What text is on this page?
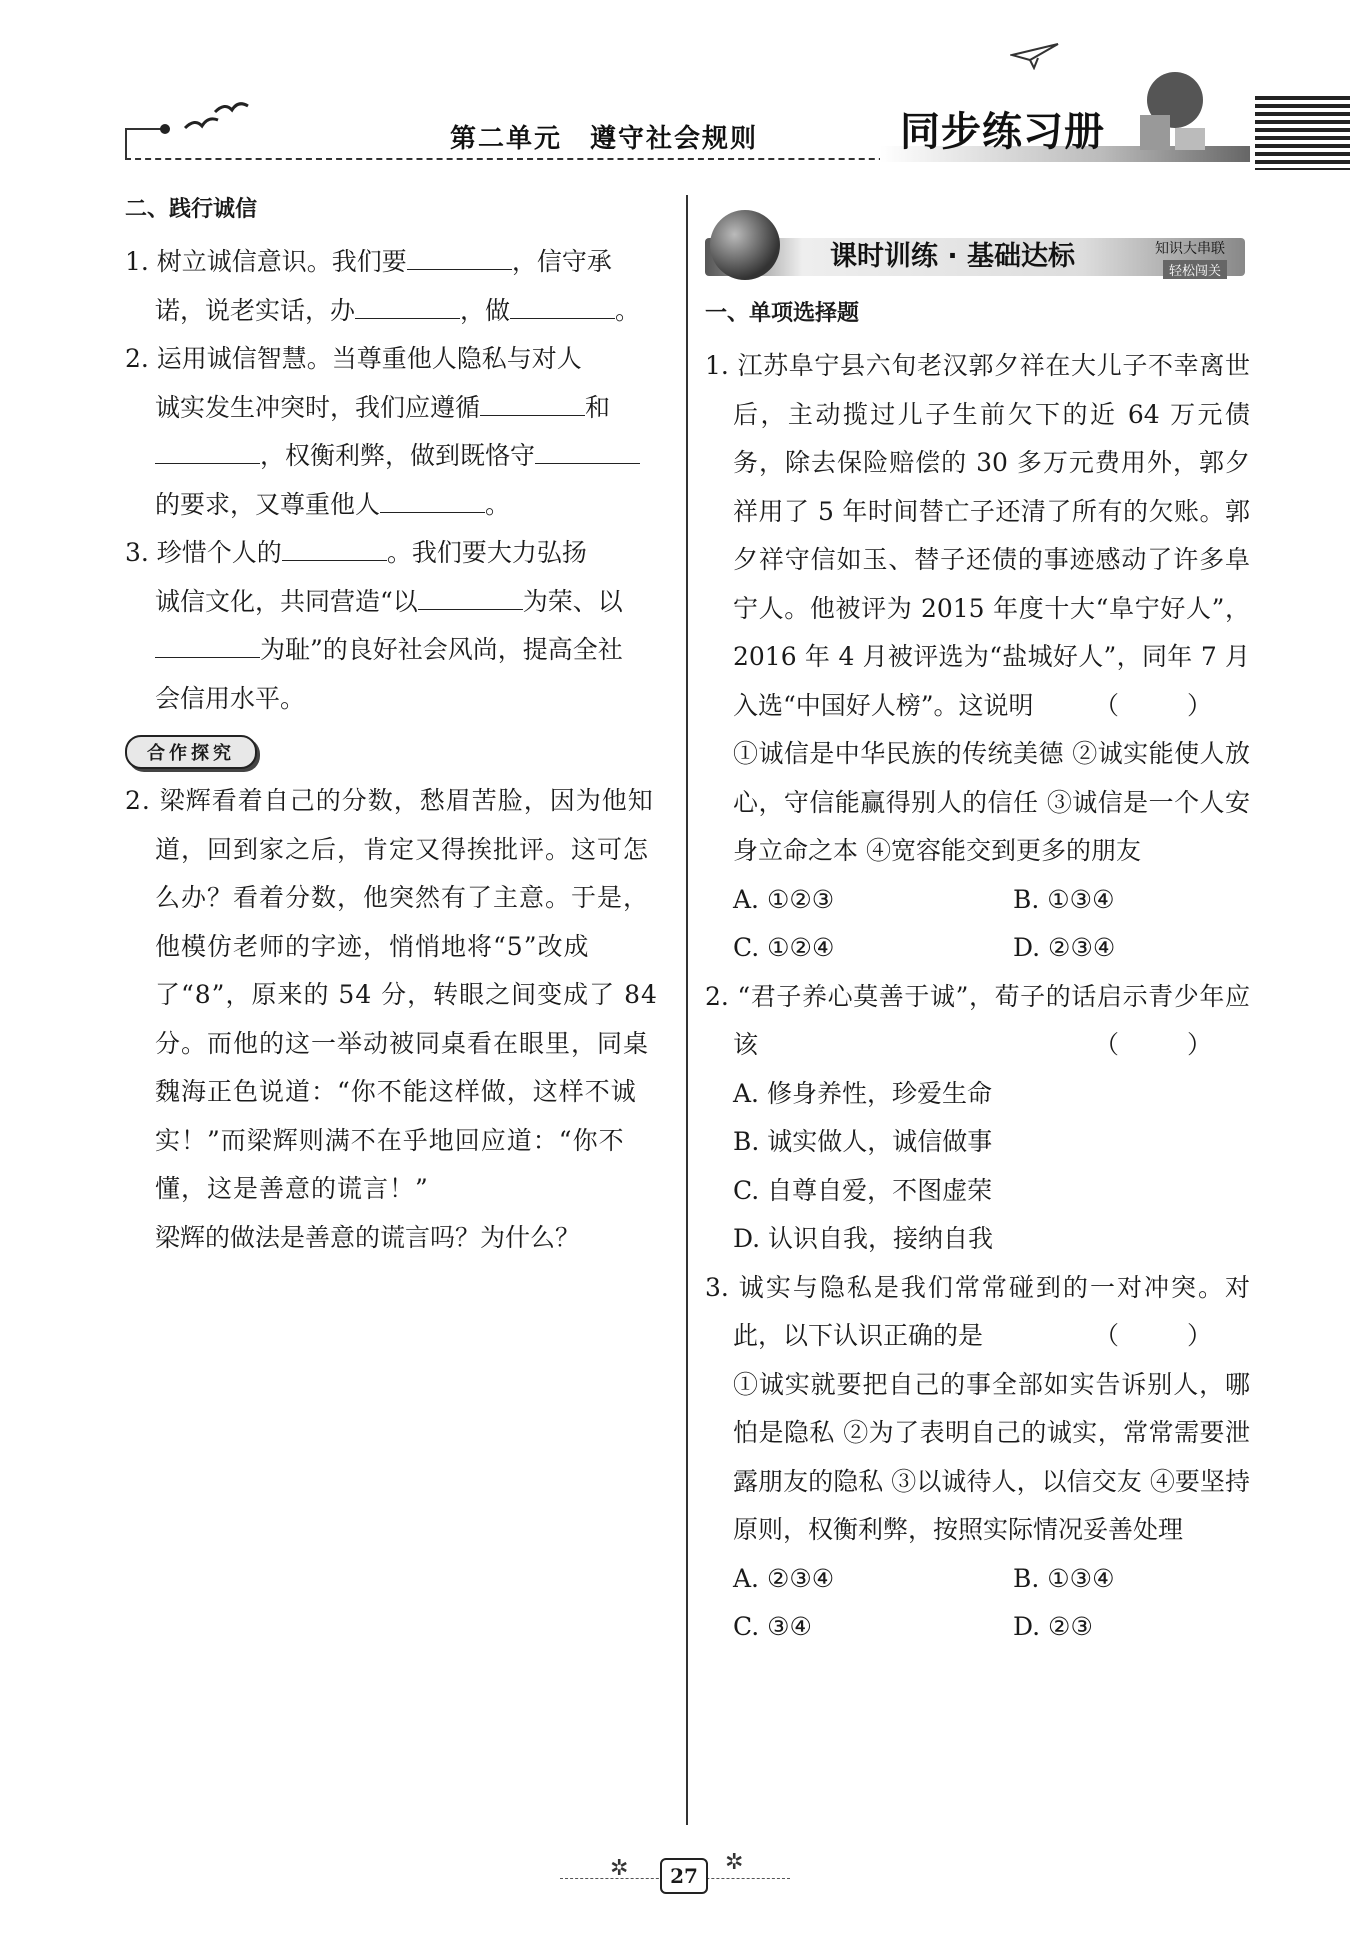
第二单元 遵守社会规则	同步练习册
二、践行诚信
1. 树立诚信意识。我们要	，信守承
诺，说老实话，办	，做	。
2. 运用诚信智慧。当尊重他人隐私与对人
诚实发生冲突时，我们应遵循	和
，权衡利弊，做到既恪守
的要求，又尊重他人	。
3. 珍惜个人的	。我们要大力弘扬
诚信文化，共同营造“以	为荣、以
为耻”的良好社会风尚，提高全社
会信用水平。
合作探究
2. 梁辉看着自己的分数，愁眉苦脸，因为他知道，回到家之后，肯定又得挨批评。这可怎么办？看着分数，他突然有了主意。于是，他模仿老师的字迹，悄悄地将“5”改成了“8”，原来的 54 分，转眼之间变成了 84 分。而他的这一举动被同桌看在眼里，同桌魏海正色说道：“你不能这样做，这样不诚实！”而梁辉则满不在乎地回应道：“你不懂，这是善意的谎言！”
梁辉的做法是善意的谎言吗？为什么？
课时训练 · 基础达标	知识大串联
轻松闯关
一、单项选择题
1. 江苏阜宁县六旬老汉郭夕祥在大儿子不幸离世后，主动揽过儿子生前欠下的近 64 万元债务，除去保险赔偿的 30 多万元费用外，郭夕祥用了 5 年时间替亡子还清了所有的欠账。郭夕祥守信如玉、替子还债的事迹感动了许多阜宁人。他被评为 2015 年度十大“阜宁好人”，2016 年 4 月被评选为“盐城好人”，同年 7 月入选“中国好人榜”。这说明 （ ）
①诚信是中华民族的传统美德 ②诚实能使人放心，守信能赢得别人的信任 ③诚信是一个人安身立命之本 ④宽容能交到更多的朋友
A. ①②③	B. ①③④
C. ①②④	D. ②③④
2. “君子养心莫善于诚”，荀子的话启示青少年应该	（ ）
A. 修身养性，珍爱生命
B. 诚实做人，诚信做事
C. 自尊自爱，不图虚荣
D. 认识自我，接纳自我
3. 诚实与隐私是我们常常碰到的一对冲突。对此，以下认识正确的是	（ ）
①诚实就要把自己的事全部如实告诉别人，哪怕是隐私 ②为了表明自己的诚实，常常需要泄露朋友的隐私 ③以诚待人，以信交友 ④要坚持原则，权衡利弊，按照实际情况妥善处理
A. ②③④	B. ①③④
C. ③④	D. ②③
✲	27
✲
